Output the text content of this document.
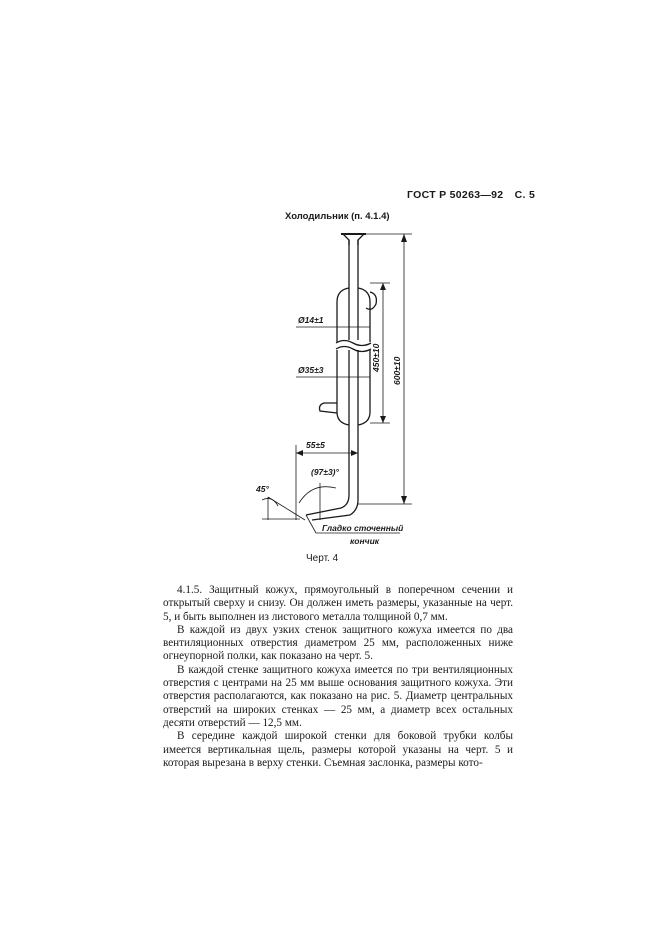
ГОСТ Р 50263—92 С. 5
Холодильник (п. 4.1.4)
Ø14±1
Ø35±3	450±10 600±10
55±5
(97±3)°
45°
Гладко сточенный
кончик
Черт. 4

4.1.5. Защитный кожух, прямоугольный в поперечном сечении и открытый сверху и снизу. Он должен иметь размеры, указанные на черт. 5, и быть выполнен из листового металла толщиной 0,7 мм.

В каждой из двух узких стенок защитного кожуха имеется по два вентиляционных отверстия диаметром 25 мм, расположенных ниже огнеупорной полки, как показано на черт. 5.

В каждой стенке защитного кожуха имеется по три вентиляционных отверстия с центрами на 25 мм выше основания защитного кожуха. Эти отверстия располагаются, как показано на рис. 5. Диаметр центральных отверстий на широких стенках — 25 мм, а диаметр всех остальных десяти отверстий — 12,5 мм.

В середине каждой широкой стенки для боковой трубки колбы имеется вертикальная щель, размеры которой указаны на черт. 5 и которая вырезана в верху стенки. Съемная заслонка, размеры кото-
